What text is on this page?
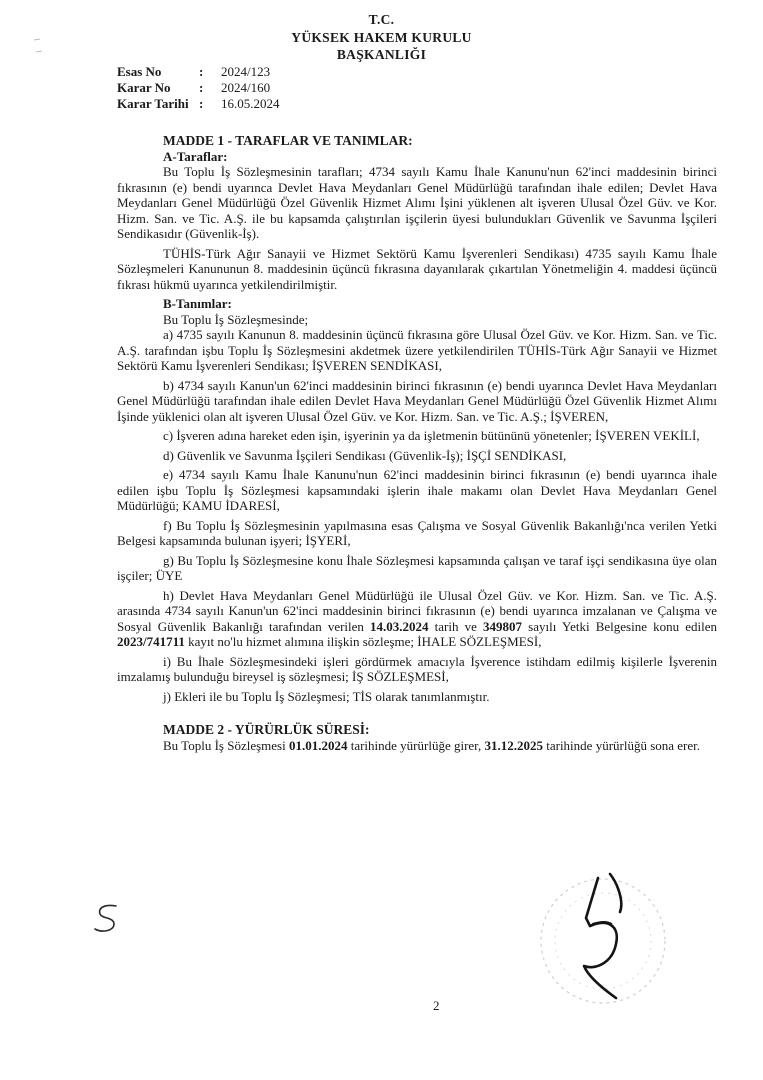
T.C.
YÜKSEK HAKEM KURULU
BAŞKANLIĞI
Esas No	:	2024/123
Karar No	:	2024/160
Karar Tarihi :	16.05.2024
MADDE 1 - TARAFLAR VE TANIMLAR:
A-Taraflar:

Bu Toplu İş Sözleşmesinin tarafları; 4734 sayılı Kamu İhale Kanunu'nun 62'inci maddesinin birinci fıkrasının (e) bendi uyarınca Devlet Hava Meydanları Genel Müdürlüğü tarafından ihale edilen; Devlet Hava Meydanları Genel Müdürlüğü Özel Güvenlik Hizmet Alımı İşini yüklenen alt işveren Ulusal Özel Güv. ve Kor. Hizm. San. ve Tic. A.Ş. ile bu kapsamda çalıştırılan işçilerin üyesi bulundukları Güvenlik ve Savunma İşçileri Sendikasıdır (Güvenlik-İş).

TÜHİS-Türk Ağır Sanayii ve Hizmet Sektörü Kamu İşverenleri Sendikası) 4735 sayılı Kamu İhale Sözleşmeleri Kanununun 8. maddesinin üçüncü fıkrasına dayanılarak çıkartılan Yönetmeliğin 4. maddesi üçüncü fıkrası hükmü uyarınca yetkilendirilmiştir.

B-Tanımlar:
Bu Toplu İş Sözleşmesinde;

a) 4735 sayılı Kanunun 8. maddesinin üçüncü fıkrasına göre Ulusal Özel Güv. ve Kor. Hizm. San. ve Tic. A.Ş. tarafından işbu Toplu İş Sözleşmesini akdetmek üzere yetkilendirilen TÜHİS-Türk Ağır Sanayii ve Hizmet Sektörü Kamu İşverenleri Sendikası; İŞVEREN SENDİKASI,

b) 4734 sayılı Kanun'un 62'inci maddesinin birinci fıkrasının (e) bendi uyarınca Devlet Hava Meydanları Genel Müdürlüğü tarafından ihale edilen Devlet Hava Meydanları Genel Müdürlüğü Özel Güvenlik Hizmet Alımı İşinde yüklenici olan alt işveren Ulusal Özel Güv. ve Kor. Hizm. San. ve Tic. A.Ş.; İŞVEREN,

c) İşveren adına hareket eden işin, işyerinin ya da işletmenin bütününü yönetenler; İŞVEREN VEKİLİ,

d) Güvenlik ve Savunma İşçileri Sendikası (Güvenlik-İş); İŞÇİ SENDİKASI,

e) 4734 sayılı Kamu İhale Kanunu'nun 62'inci maddesinin birinci fıkrasının (e) bendi uyarınca ihale edilen işbu Toplu İş Sözleşmesi kapsamındaki işlerin ihale makamı olan Devlet Hava Meydanları Genel Müdürlüğü; KAMU İDARESİ,

f) Bu Toplu İş Sözleşmesinin yapılmasına esas Çalışma ve Sosyal Güvenlik Bakanlığı'nca verilen Yetki Belgesi kapsamında bulunan işyeri; İŞYERİ,

g) Bu Toplu İş Sözleşmesine konu İhale Sözleşmesi kapsamında çalışan ve taraf işçi sendikasına üye olan işçiler; ÜYE

h) Devlet Hava Meydanları Genel Müdürlüğü ile Ulusal Özel Güv. ve Kor. Hizm. San. ve Tic. A.Ş. arasında 4734 sayılı Kanun'un 62'inci maddesinin birinci fıkrasının (e) bendi uyarınca imzalanan ve Çalışma ve Sosyal Güvenlik Bakanlığı tarafından verilen 14.03.2024 tarih ve 349807 sayılı Yetki Belgesine konu edilen 2023/741711 kayıt no'lu hizmet alımına ilişkin sözleşme; İHALE SÖZLEŞMESİ,

i) Bu İhale Sözleşmesindeki işleri gördürmek amacıyla İşverence istihdam edilmiş kişilerle İşverenin imzalamış bulunduğu bireysel iş sözleşmesi; İŞ SÖZLEŞMESİ,

j) Ekleri ile bu Toplu İş Sözleşmesi; TİS olarak tanımlanmıştır.

MADDE 2 - YÜRÜRLÜK SÜRESİ:

Bu Toplu İş Sözleşmesi 01.01.2024 tarihinde yürürlüğe girer, 31.12.2025 tarihinde yürürlüğü sona erer.

2
